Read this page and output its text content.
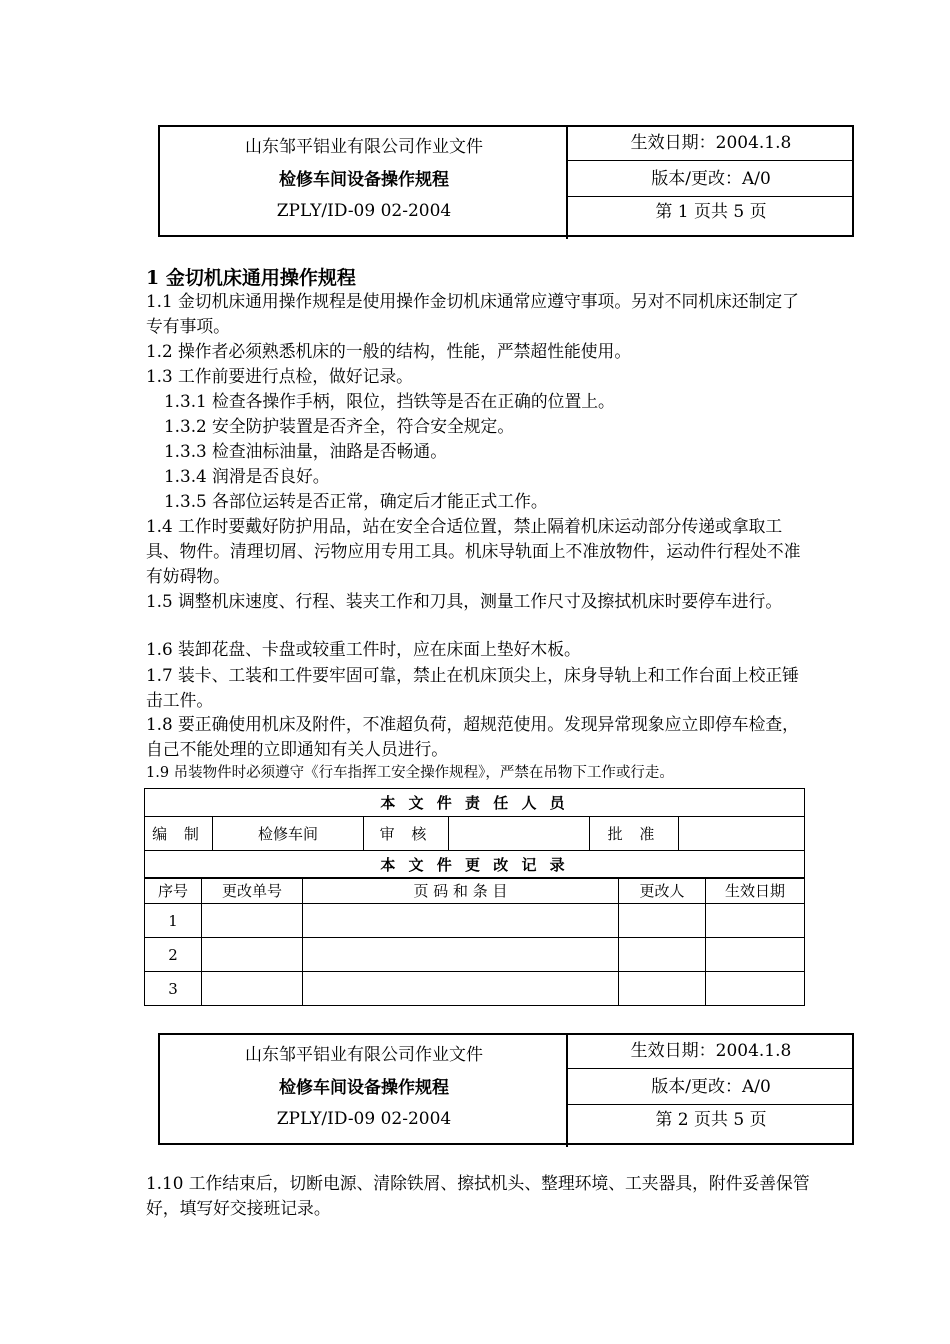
山东邹平铝业有限公司作业文件
检修车间设备操作规程
ZPLY/ID-09 02-2004
生效日期：2004.1.8
版本/更改：A/0
第 1 页共 5 页
1 金切机床通用操作规程
1.1 金切机床通用操作规程是使用操作金切机床通常应遵守事项。另对不同机床还制定了专有事项。
1.2 操作者必须熟悉机床的一般的结构，性能，严禁超性能使用。
1.3 工作前要进行点检，做好记录。
1.3.1 检查各操作手柄，限位，挡铁等是否在正确的位置上。
1.3.2 安全防护装置是否齐全，符合安全规定。
1.3.3 检查油标油量，油路是否畅通。
1.3.4 润滑是否良好。
1.3.5 各部位运转是否正常，确定后才能正式工作。
1.4 工作时要戴好防护用品，站在安全合适位置，禁止隔着机床运动部分传递或拿取工具、物件。清理切屑、污物应用专用工具。机床导轨面上不准放物件，运动件行程处不准有妨碍物。
1.5 调整机床速度、行程、装夹工作和刀具，测量工作尺寸及擦拭机床时要停车进行。
1.6 装卸花盘、卡盘或较重工件时，应在床面上垫好木板。
1.7 装卡、工装和工件要牢固可靠，禁止在机床顶尖上，床身导轨上和工作台面上校正锤击工件。
1.8 要正确使用机床及附件，不准超负荷，超规范使用。发现异常现象应立即停车检查，自己不能处理的立即通知有关人员进行。
1.9 吊装物件时必须遵守《行车指挥工安全操作规程》，严禁在吊物下工作或行走。
本 文 件 责 任 人 员
编 制	检修车间	审 核		批 准	
本 文 件 更 改 记 录
序号	更改单号	页 码 和 条 目	更改人	生效日期
1				
2				
3				
山东邹平铝业有限公司作业文件
检修车间设备操作规程
ZPLY/ID-09 02-2004
生效日期：2004.1.8
版本/更改：A/0
第 2 页共 5 页
1.10 工作结束后，切断电源、清除铁屑、擦拭机头、整理环境、工夹器具，附件妥善保管好，填写好交接班记录。
